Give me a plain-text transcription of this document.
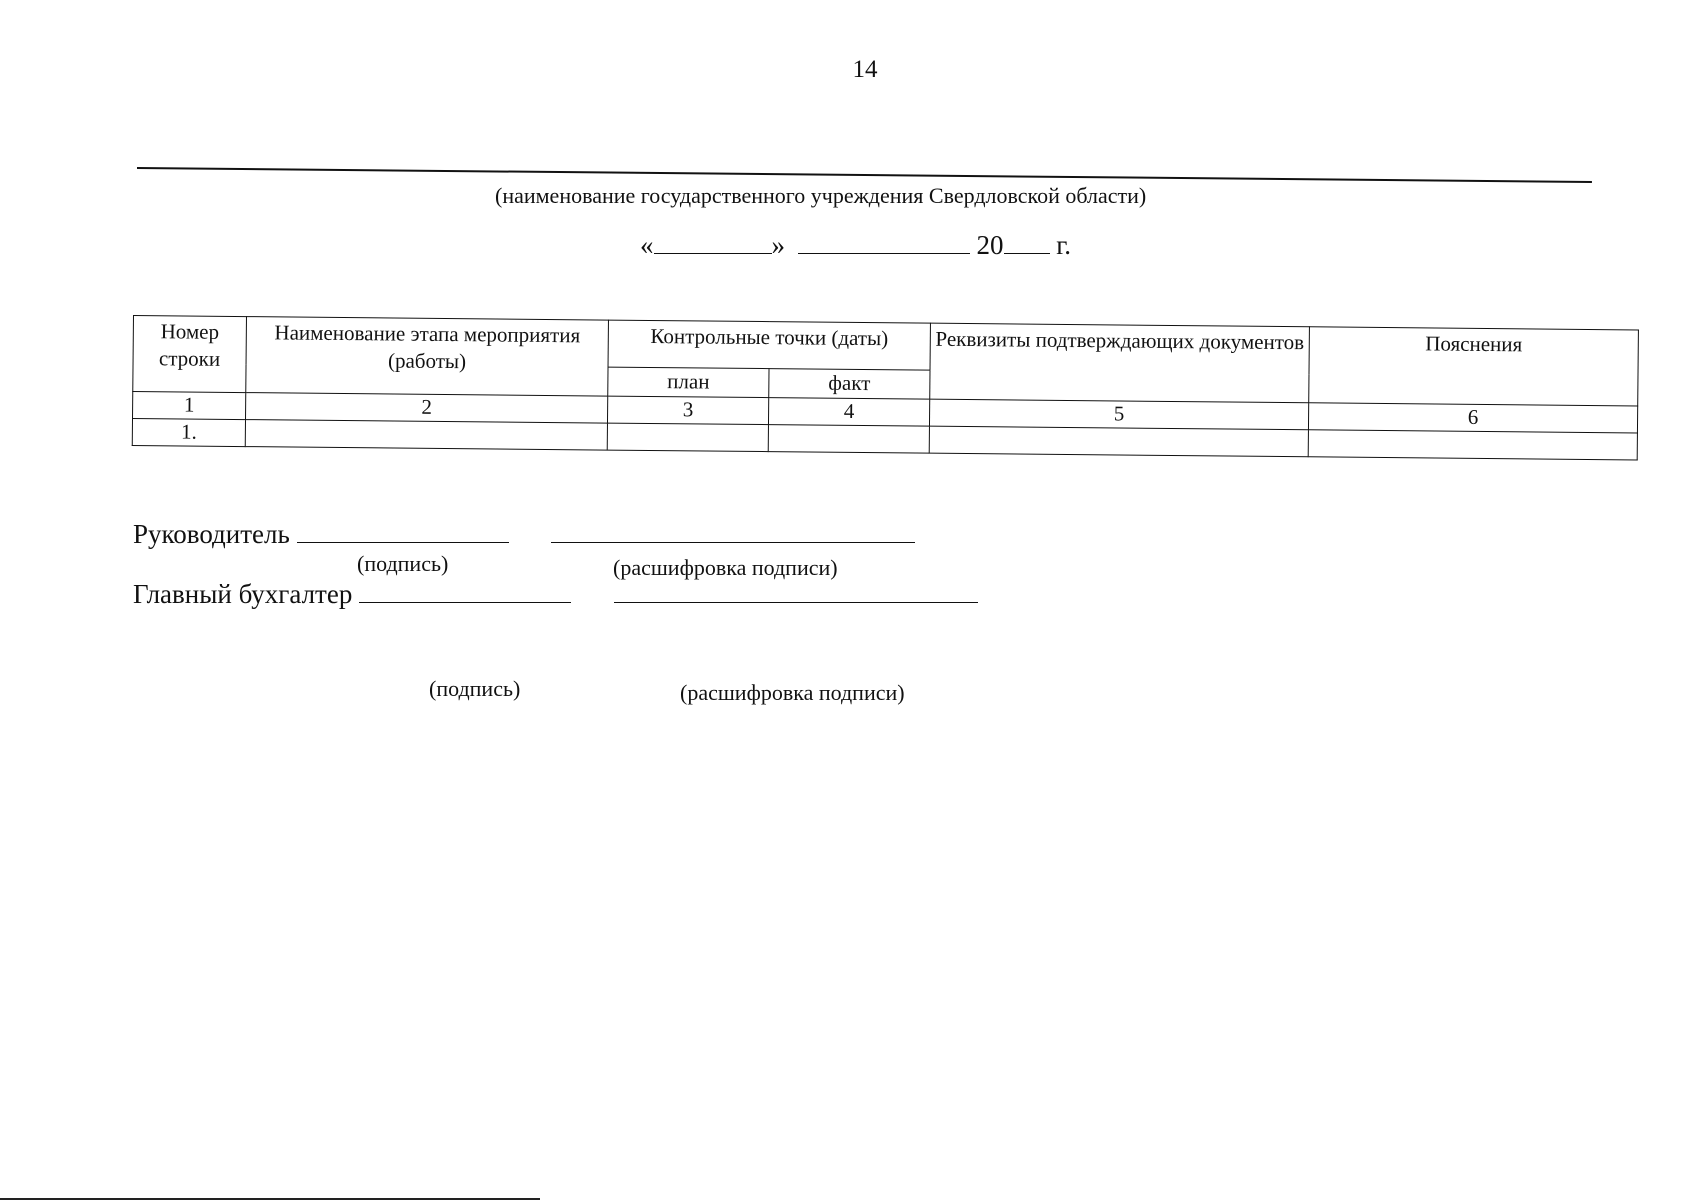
14
(наименование государственного учреждения Свердловской области)
«	»	20 г.
Номер строки	Наименование этапа мероприятия (работы)	Контрольные точки (даты)		Реквизиты подтверждающих документов	Пояснения
		план	факт		
1	2	3	4	5	6
1.					
Руководитель
(подпись)	(расшифровка подписи)
Главный бухгалтер
(подпись)	(расшифровка подписи)
